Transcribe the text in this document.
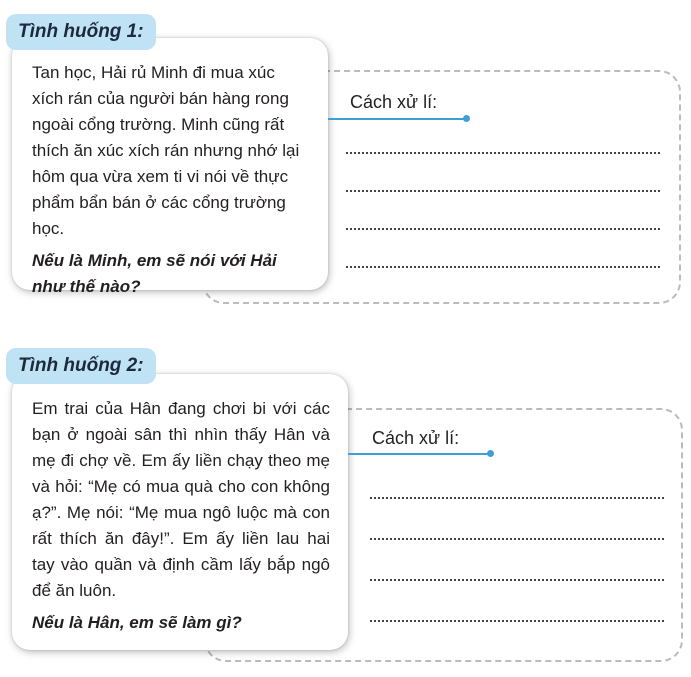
Tình huống 1:

Tan học, Hải rủ Minh đi mua xúc xích rán của người bán hàng rong ngoài cổng trường. Minh cũng rất thích ăn xúc xích rán nhưng nhớ lại hôm qua vừa xem ti vi nói về thực phẩm bẩn bán ở các cổng trường học.

Nếu là Minh, em sẽ nói với Hải như thế nào?
Cách xử lí:
Tình huống 2:

Em trai của Hân đang chơi bi với các bạn ở ngoài sân thì nhìn thấy Hân và mẹ đi chợ về. Em ấy liền chạy theo mẹ và hỏi: “Mẹ có mua quà cho con không ạ?”. Mẹ nói: “Mẹ mua ngô luộc mà con rất thích ăn đây!”. Em ấy liền lau hai tay vào quần và định cầm lấy bắp ngô để ăn luôn.

Nếu là Hân, em sẽ làm gì?
Cách xử lí:
